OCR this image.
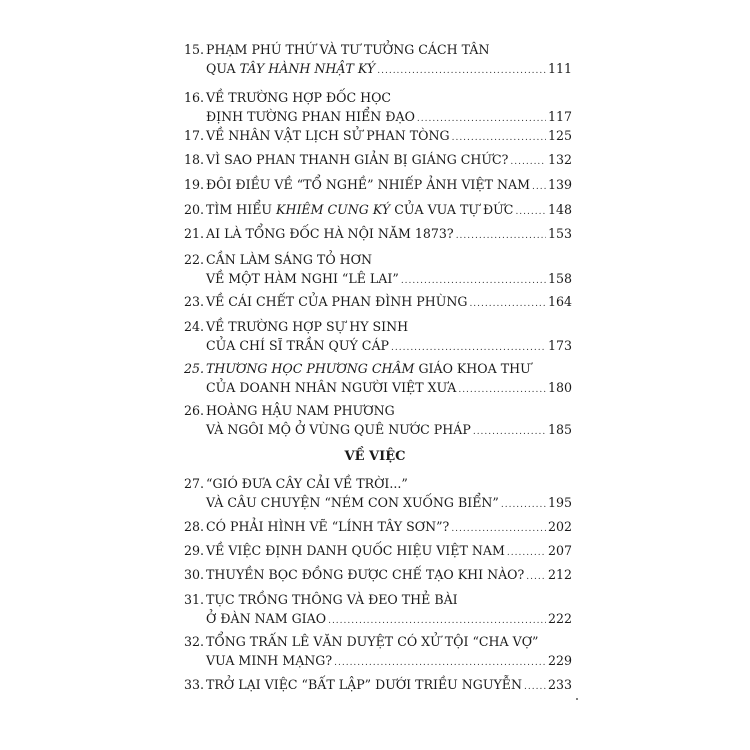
15. PHẠM PHÚ THỨ VÀ TƯ TƯỞNG CÁCH TÂN
QUA TÂY HÀNH NHẬT KÝ .....	111
16. VỀ TRƯỜNG HỢP ĐỐC HỌC
ĐỊNH TƯỜNG PHAN HIỂN ĐẠO .....	117
17. VỀ NHÂN VẬT LỊCH SỬ PHAN TÒNG .....	125
18. VÌ SAO PHAN THANH GIẢN BỊ GIÁNG CHỨC? .....	132
19. ĐÔI ĐIỀU VỀ “TỔ NGHỀ” NHIẾP ẢNH VIỆT NAM ..... 139
20. TÌM HIỂU KHIÊM CUNG KÝ CỦA VUA TỰ ĐỨC .....	148
21. AI LÀ TỔNG ĐỐC HÀ NỘI NĂM 1873? .....	153
22. CẦN LÀM SÁNG TỎ HƠN
VỀ MỘT HÀM NGHI “LÊ LAI” .....	158
23. VỀ CÁI CHẾT CỦA PHAN ĐÌNH PHÙNG .....	164
24. VỀ TRƯỜNG HỢP SỰ HY SINH
CỦA CHÍ SĨ TRẦN QUÝ CÁP .....	173
25. THƯƠNG HỌC PHƯƠNG CHÂM GIÁO KHOA THƯ
CỦA DOANH NHÂN NGƯỜI VIỆT XƯA .....	180
26. HOÀNG HẬU NAM PHƯƠNG
VÀ NGÔI MỘ Ở VÙNG QUÊ NƯỚC PHÁP .....	185
VỀ VIỆC
27. “GIÓ ĐƯA CÂY CẢI VỀ TRỜI...”
VÀ CÂU CHUYỆN “NÉM CON XUỐNG BIỂN” .....	195
28. CÓ PHẢI HÌNH VẼ “LÍNH TÂY SƠN”? .....	202
29. VỀ VIỆC ĐỊNH DANH QUỐC HIỆU VIỆT NAM .....	207
30. THUYỀN BỌC ĐỒNG ĐƯỢC CHẾ TẠO KHI NÀO? ..... 212
31. TỤC TRỒNG THÔNG VÀ ĐEO THẺ BÀI
Ở ĐÀN NAM GIAO .....	222
32. TỔNG TRẤN LÊ VĂN DUYỆT CÓ XỬ TỘI “CHA VỢ”
VUA MINH MẠNG? .....	229
33. TRỞ LẠI VIỆC “BẤT LẬP” DƯỚI TRIỀU NGUYỄN ..... 233
